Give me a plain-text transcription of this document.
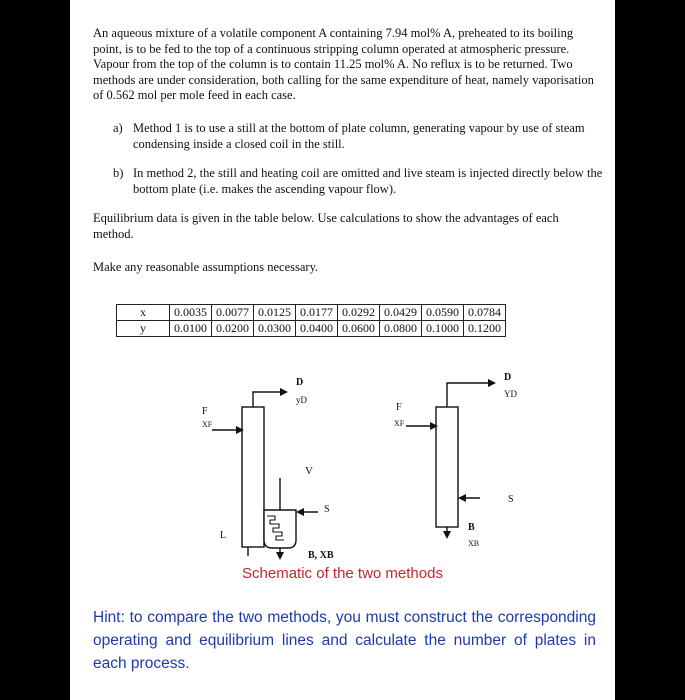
An aqueous mixture of a volatile component A containing 7.94 mol% A, preheated to its boiling point, is to be fed to the top of a continuous stripping column operated at atmospheric pressure. Vapour from the top of the column is to contain 11.25 mol% A. No reflux is to be returned. Two methods are under consideration, both calling for the same expenditure of heat, namely vaporisation of 0.562 mol per mole feed in each case.
a) Method 1 is to use a still at the bottom of plate column, generating vapour by use of steam condensing inside a closed coil in the still.
b) In method 2, the still and heating coil are omitted and live steam is injected directly below the bottom plate (i.e. makes the ascending vapour flow).
Equilibrium data is given in the table below. Use calculations to show the advantages of each method.
Make any reasonable assumptions necessary.
x	0.0035	0.0077	0.0125	0.0177	0.0292	0.0429	0.0590	0.0784
y	0.0100	0.0200	0.0300	0.0400	0.0600	0.0800	0.1000	0.1200
D
yD
F
XF
V
L
S
B, XB
D
YD
F
XF
S
B
XB
Schematic of the two methods
Hint: to compare the two methods, you must construct the corresponding operating and equilibrium lines and calculate the number of plates in each process.
